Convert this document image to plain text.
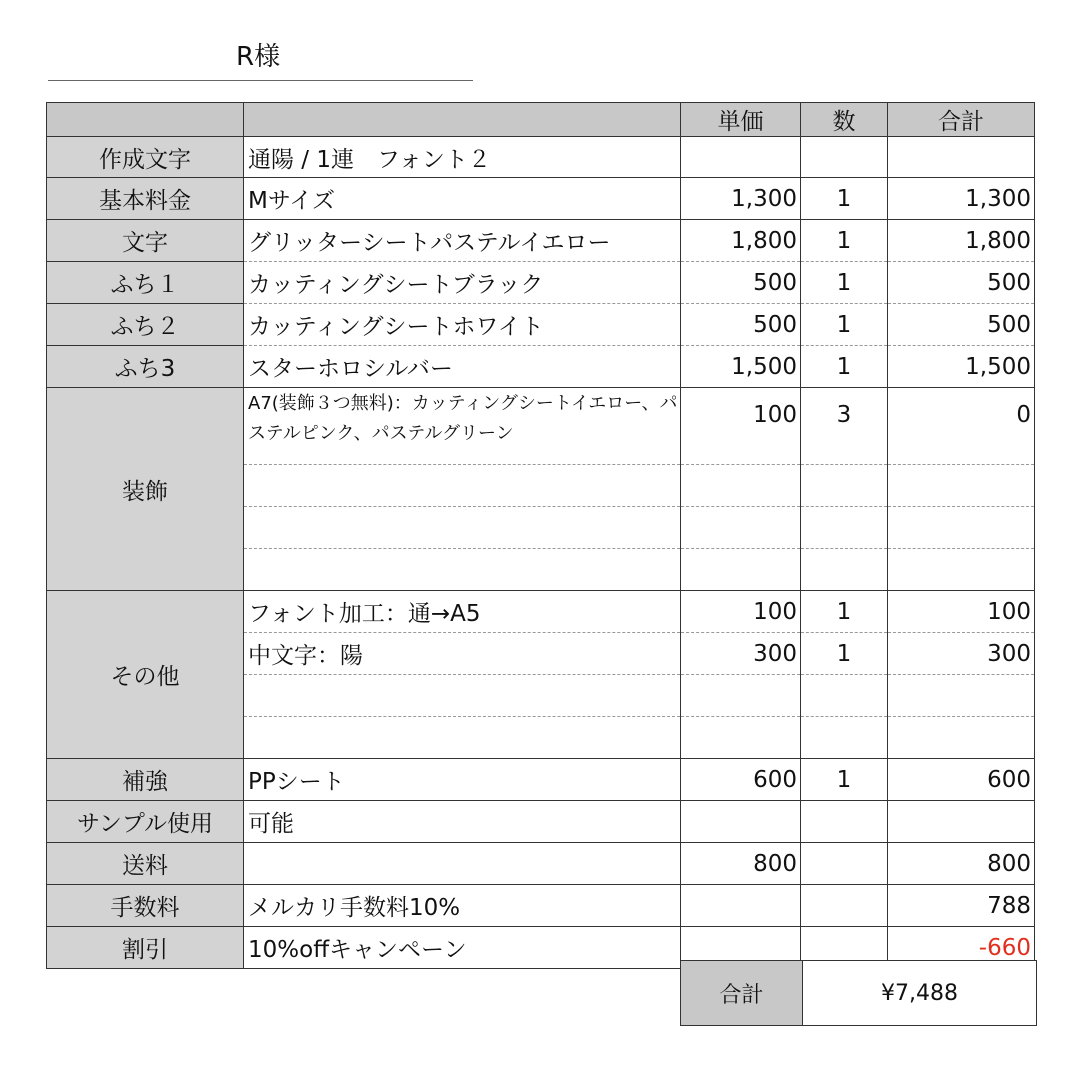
R様
		単価	数	合計
作成文字	通陽 / 1連　フォント２			
基本料金	Mサイズ	1,300	1	1,300
文字	グリッターシートパステルイエロー	1,800	1	1,800
ふち１	カッティングシートブラック	500	1	500
ふち２	カッティングシートホワイト	500	1	500
ふち3	スターホロシルバー	1,500	1	1,500
装飾	A7(装飾３つ無料)：カッティングシートイエロー、パステルピンク、パステルグリーン	100	3	0

その他	フォント加工：通→A5	100	1	100
	中文字：陽	300	1	300

補強	PPシート	600	1	600
サンプル使用	可能			
送料		800		800
手数料	メルカリ手数料10%			788
割引	10%offキャンペーン			-660
合計	¥7,488
